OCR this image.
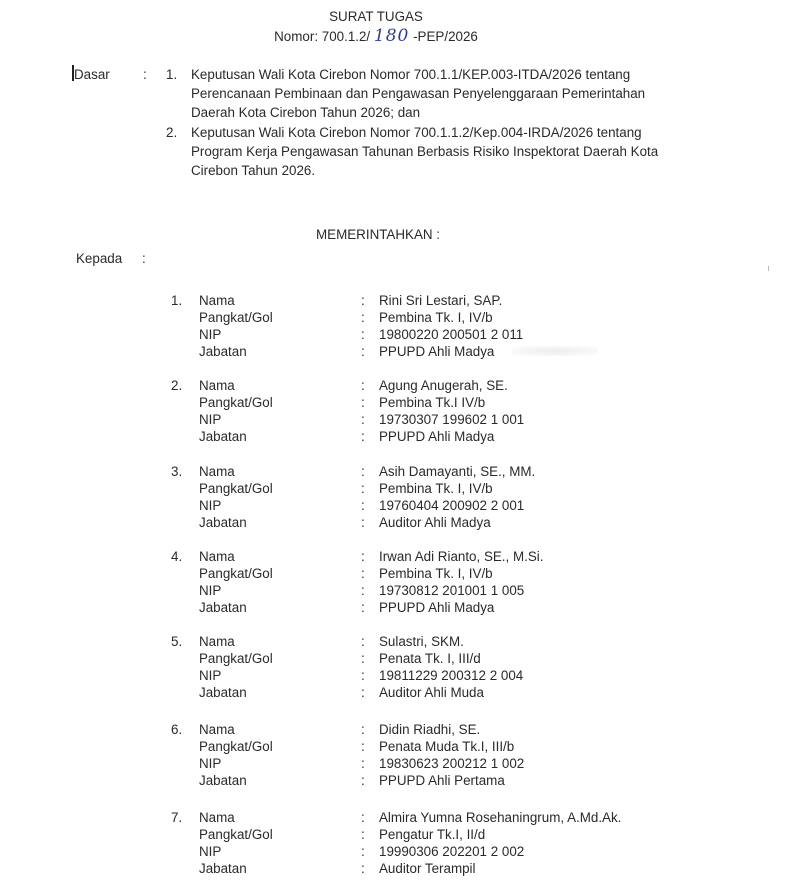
SURAT TUGAS
Nomor: 700.1.2/ 180 -PEP/2026
Dasar : 1. Keputusan Wali Kota Cirebon Nomor 700.1.1/KEP.003-ITDA/2026 tentang
Perencanaan Pembinaan dan Pengawasan Penyelenggaraan Pemerintahan
Daerah Kota Cirebon Tahun 2026; dan
2. Keputusan Wali Kota Cirebon Nomor 700.1.1.2/Kep.004-IRDA/2026 tentang
Program Kerja Pengawasan Tahunan Berbasis Risiko Inspektorat Daerah Kota
Cirebon Tahun 2026.
MEMERINTAHKAN :
Kepada :
1. Nama	: Rini Sri Lestari, SAP.
Pangkat/Gol	: Pembina Tk. I, IV/b
NIP	: 19800220 200501 2 011
Jabatan	: PPUPD Ahli Madya
2. Nama	: Agung Anugerah, SE.
Pangkat/Gol	: Pembina Tk.I IV/b
NIP	: 19730307 199602 1 001
Jabatan	: PPUPD Ahli Madya
3. Nama	: Asih Damayanti, SE., MM.
Pangkat/Gol	: Pembina Tk. I, IV/b
NIP	: 19760404 200902 2 001
Jabatan	: Auditor Ahli Madya
4. Nama	: Irwan Adi Rianto, SE., M.Si.
Pangkat/Gol	: Pembina Tk. I, IV/b
NIP	: 19730812 201001 1 005
Jabatan	: PPUPD Ahli Madya
5. Nama	: Sulastri, SKM.
Pangkat/Gol	: Penata Tk. I, III/d
NIP	: 19811229 200312 2 004
Jabatan	: Auditor Ahli Muda
6. Nama	: Didin Riadhi, SE.
Pangkat/Gol	: Penata Muda Tk.I, III/b
NIP	: 19830623 200212 1 002
Jabatan	: PPUPD Ahli Pertama
7. Nama	: Almira Yumna Rosehaningrum, A.Md.Ak.
Pangkat/Gol	: Pengatur Tk.I, II/d
NIP	: 19990306 202201 2 002
Jabatan	: Auditor Terampil
